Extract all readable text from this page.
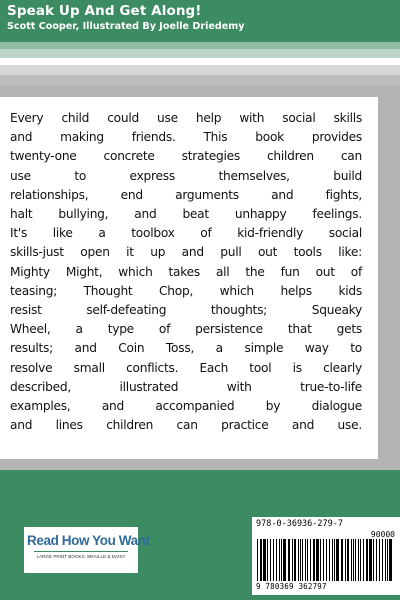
Speak Up And Get Along!
Scott Cooper, Illustrated By Joelle Driedemy

Every child could use help with social skills
and making friends. This book provides
twenty-one concrete strategies children can
use to express themselves, build
relationships, end arguments and fights,
halt bullying, and beat unhappy feelings.
It's like a toolbox of kid-friendly social
skills-just open it up and pull out tools like:
Mighty Might, which takes all the fun out of
teasing; Thought Chop, which helps kids
resist self-defeating thoughts; Squeaky
Wheel, a type of persistence that gets
results; and Coin Toss, a simple way to
resolve small conflicts. Each tool is clearly
described, illustrated with true-to-life
examples, and accompanied by dialogue
and lines children can practice and use.

Read How You Want
LARGE PRINT BOOKS, BRAILLE & DAISY
978-0-36936-279-7
90000
9 780369 362797
